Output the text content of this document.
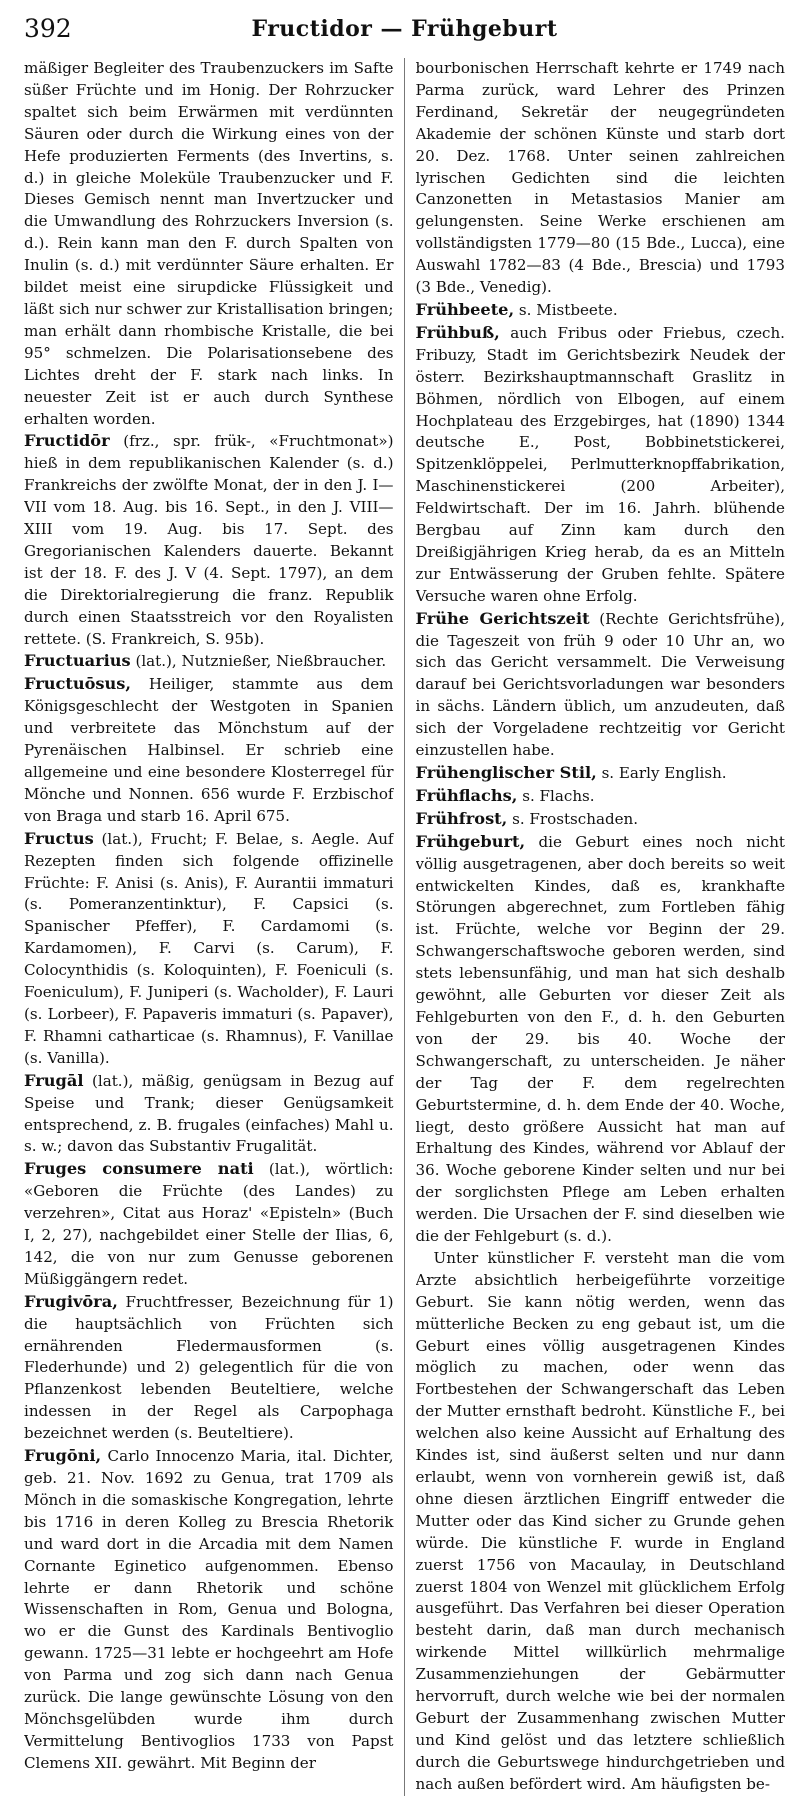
392	Fructidor — Frühgeburt

mäßiger Begleiter des Traubenzuckers im Safte süßer Früchte und im Honig. Der Rohrzucker spaltet sich beim Erwärmen mit verdünnten Säuren oder durch die Wirkung eines von der Hefe produzierten Ferments (des Invertins, s. d.) in gleiche Moleküle Traubenzucker und F. Dieses Gemisch nennt man Invertzucker und die Umwandlung des Rohrzuckers Inversion (s. d.). Rein kann man den F. durch Spalten von Inulin (s. d.) mit verdünnter Säure erhalten. Er bildet meist eine sirupdicke Flüssigkeit und läßt sich nur schwer zur Kristallisation bringen; man erhält dann rhombische Kristalle, die bei 95° schmelzen. Die Polarisationsebene des Lichtes dreht der F. stark nach links. In neuester Zeit ist er auch durch Synthese erhalten worden.

Fructidōr (frz., spr. frük-, «Fruchtmonat») hieß in dem republikanischen Kalender (s. d.) Frankreichs der zwölfte Monat, der in den J. I—VII vom 18. Aug. bis 16. Sept., in den J. VIII—XIII vom 19. Aug. bis 17. Sept. des Gregorianischen Kalenders dauerte. Bekannt ist der 18. F. des J. V (4. Sept. 1797), an dem die Direktorialregierung die franz. Republik durch einen Staatsstreich vor den Royalisten rettete. (S. Frankreich, S. 95b).

Fructuarius (lat.), Nutznießer, Nießbraucher.

Fructuōsus, Heiliger, stammte aus dem Königsgeschlecht der Westgoten in Spanien und verbreitete das Mönchstum auf der Pyrenäischen Halbinsel. Er schrieb eine allgemeine und eine besondere Klosterregel für Mönche und Nonnen. 656 wurde F. Erzbischof von Braga und starb 16. April 675.

Fructus (lat.), Frucht; F. Belae, s. Aegle. Auf Rezepten finden sich folgende offizinelle Früchte: F. Anisi (s. Anis), F. Aurantii immaturi (s. Pomeranzentinktur), F. Capsici (s. Spanischer Pfeffer), F. Cardamomi (s. Kardamomen), F. Carvi (s. Carum), F. Colocynthidis (s. Koloquinten), F. Foeniculi (s. Foeniculum), F. Juniperi (s. Wacholder), F. Lauri (s. Lorbeer), F. Papaveris immaturi (s. Papaver), F. Rhamni catharticae (s. Rhamnus), F. Vanillae (s. Vanilla).

Frugāl (lat.), mäßig, genügsam in Bezug auf Speise und Trank; dieser Genügsamkeit entsprechend, z. B. frugales (einfaches) Mahl u. s. w.; davon das Substantiv Frugalität.

Fruges consumere nati (lat.), wörtlich: «Geboren die Früchte (des Landes) zu verzehren», Citat aus Horaz' «Episteln» (Buch I, 2, 27), nachgebildet einer Stelle der Ilias, 6, 142, die von nur zum Genusse geborenen Müßiggängern redet.

Frugivōra, Fruchtfresser, Bezeichnung für 1) die hauptsächlich von Früchten sich ernährenden Fledermausformen (s. Flederhunde) und 2) gelegentlich für die von Pflanzenkost lebenden Beuteltiere, welche indessen in der Regel als Carpophaga bezeichnet werden (s. Beuteltiere).

Frugōni, Carlo Innocenzo Maria, ital. Dichter, geb. 21. Nov. 1692 zu Genua, trat 1709 als Mönch in die somaskische Kongregation, lehrte bis 1716 in deren Kolleg zu Brescia Rhetorik und ward dort in die Arcadia mit dem Namen Cornante Eginetico aufgenommen. Ebenso lehrte er dann Rhetorik und schöne Wissenschaften in Rom, Genua und Bologna, wo er die Gunst des Kardinals Bentivoglio gewann. 1725—31 lebte er hochgeehrt am Hofe von Parma und zog sich dann nach Genua zurück. Die lange gewünschte Lösung von den Mönchsgelübden wurde ihm durch Vermittelung Bentivoglios 1733 von Papst Clemens XII. gewährt. Mit Beginn der

bourbonischen Herrschaft kehrte er 1749 nach Parma zurück, ward Lehrer des Prinzen Ferdinand, Sekretär der neugegründeten Akademie der schönen Künste und starb dort 20. Dez. 1768. Unter seinen zahlreichen lyrischen Gedichten sind die leichten Canzonetten in Metastasios Manier am gelungensten. Seine Werke erschienen am vollständigsten 1779—80 (15 Bde., Lucca), eine Auswahl 1782—83 (4 Bde., Brescia) und 1793 (3 Bde., Venedig).

Frühbeete, s. Mistbeete.

Frühbuß, auch Fribus oder Friebus, czech. Fribuzy, Stadt im Gerichtsbezirk Neudek der österr. Bezirkshauptmannschaft Graslitz in Böhmen, nördlich von Elbogen, auf einem Hochplateau des Erzgebirges, hat (1890) 1344 deutsche E., Post, Bobbinetstickerei, Spitzenklöppelei, Perlmutterknopffabrikation, Maschinenstickerei (200 Arbeiter), Feldwirtschaft. Der im 16. Jahrh. blühende Bergbau auf Zinn kam durch den Dreißigjährigen Krieg herab, da es an Mitteln zur Entwässerung der Gruben fehlte. Spätere Versuche waren ohne Erfolg.

Frühe Gerichtszeit (Rechte Gerichtsfrühe), die Tageszeit von früh 9 oder 10 Uhr an, wo sich das Gericht versammelt. Die Verweisung darauf bei Gerichtsvorladungen war besonders in sächs. Ländern üblich, um anzudeuten, daß sich der Vorgeladene rechtzeitig vor Gericht einzustellen habe.

Frühenglischer Stil, s. Early English.

Frühflachs, s. Flachs.

Frühfrost, s. Frostschaden.

Frühgeburt, die Geburt eines noch nicht völlig ausgetragenen, aber doch bereits so weit entwickelten Kindes, daß es, krankhafte Störungen abgerechnet, zum Fortleben fähig ist. Früchte, welche vor Beginn der 29. Schwangerschaftswoche geboren werden, sind stets lebensunfähig, und man hat sich deshalb gewöhnt, alle Geburten vor dieser Zeit als Fehlgeburten von den F., d. h. den Geburten von der 29. bis 40. Woche der Schwangerschaft, zu unterscheiden. Je näher der Tag der F. dem regelrechten Geburtstermine, d. h. dem Ende der 40. Woche, liegt, desto größere Aussicht hat man auf Erhaltung des Kindes, während vor Ablauf der 36. Woche geborene Kinder selten und nur bei der sorglichsten Pflege am Leben erhalten werden. Die Ursachen der F. sind dieselben wie die der Fehlgeburt (s. d.).

Unter künstlicher F. versteht man die vom Arzte absichtlich herbeigeführte vorzeitige Geburt. Sie kann nötig werden, wenn das mütterliche Becken zu eng gebaut ist, um die Geburt eines völlig ausgetragenen Kindes möglich zu machen, oder wenn das Fortbestehen der Schwangerschaft das Leben der Mutter ernsthaft bedroht. Künstliche F., bei welchen also keine Aussicht auf Erhaltung des Kindes ist, sind äußerst selten und nur dann erlaubt, wenn von vornherein gewiß ist, daß ohne diesen ärztlichen Eingriff entweder die Mutter oder das Kind sicher zu Grunde gehen würde. Die künstliche F. wurde in England zuerst 1756 von Macaulay, in Deutschland zuerst 1804 von Wenzel mit glücklichem Erfolg ausgeführt. Das Verfahren bei dieser Operation besteht darin, daß man durch mechanisch wirkende Mittel willkürlich mehrmalige Zusammenziehungen der Gebärmutter hervorruft, durch welche wie bei der normalen Geburt der Zusammenhang zwischen Mutter und Kind gelöst und das letztere schließlich durch die Geburtswege hindurchgetrieben und nach außen befördert wird. Am häufigsten be-
